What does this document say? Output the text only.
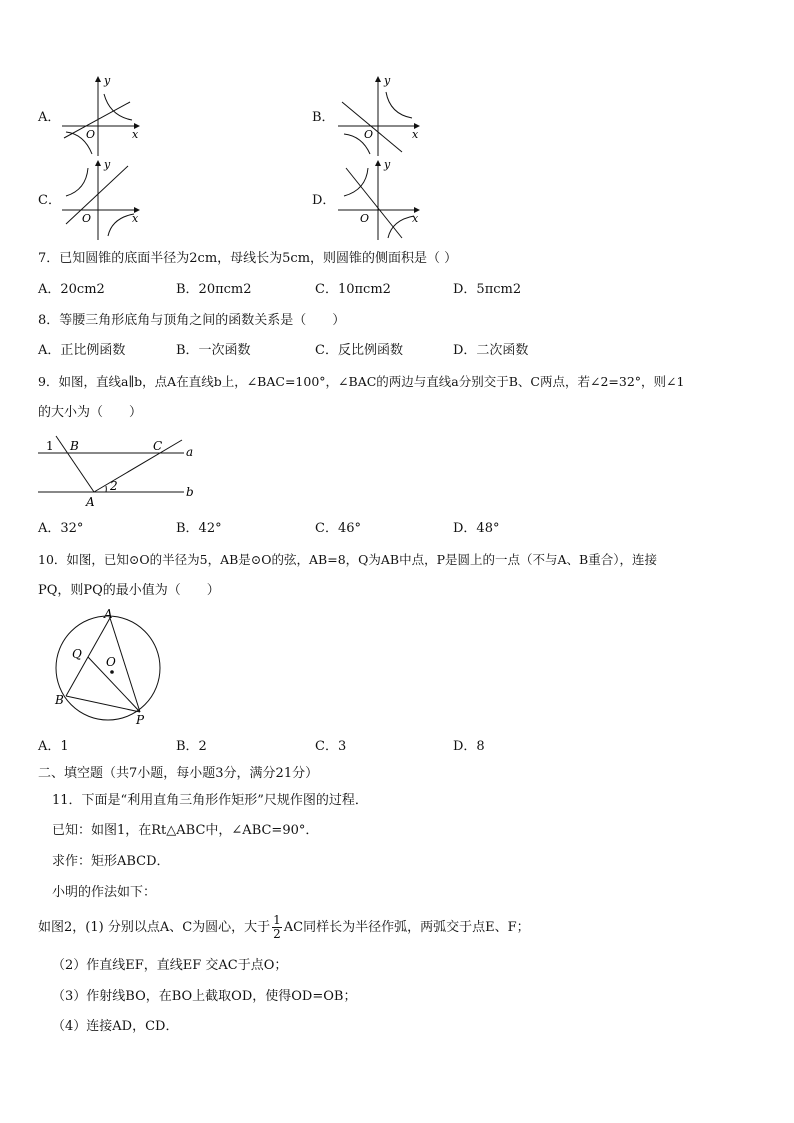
A．
y
x
O
B．
y
x
O
C．
y
x
O
D．
y
x
O
7．已知圆锥的底面半径为2cm，母线长为5cm，则圆锥的侧面积是（ ）
A．20cm2	B．20πcm2	C．10πcm2	D．5πcm2
8．等腰三角形底角与顶角之间的函数关系是（　　）
A．正比例函数	B．一次函数	C．反比例函数	D．二次函数
9．如图，直线a∥b，点A在直线b上，∠BAC=100°，∠BAC的两边与直线a分别交于B、C两点，若∠2=32°，则∠1
的大小为（　　）
1 B	C a
A
2	b
A．32°	B．42°	C．46°	D．48°
10．如图，已知⊙O的半径为5，AB是⊙O的弦，AB=8，Q为AB中点，P是圆上的一点（不与A、B重合），连接
PQ，则PQ的最小值为（　　）
A
Q
O
B
P
A．1	B．2	C．3	D．8
二、填空题（共7小题，每小题3分，满分21分）
11．下面是“利用直角三角形作矩形”尺规作图的过程．
已知：如图1，在Rt△ABC中，∠ABC=90°．
求作：矩形ABCD．
小明的作法如下：
如图2，(1) 分别以点A、C为圆心，大于 $\frac{1}{2}$ AC同样长为半径作弧，两弧交于点E、F；
（2）作直线EF，直线EF 交AC于点O；
（3）作射线BO，在BO上截取OD，使得OD=OB；
（4）连接AD，CD．
